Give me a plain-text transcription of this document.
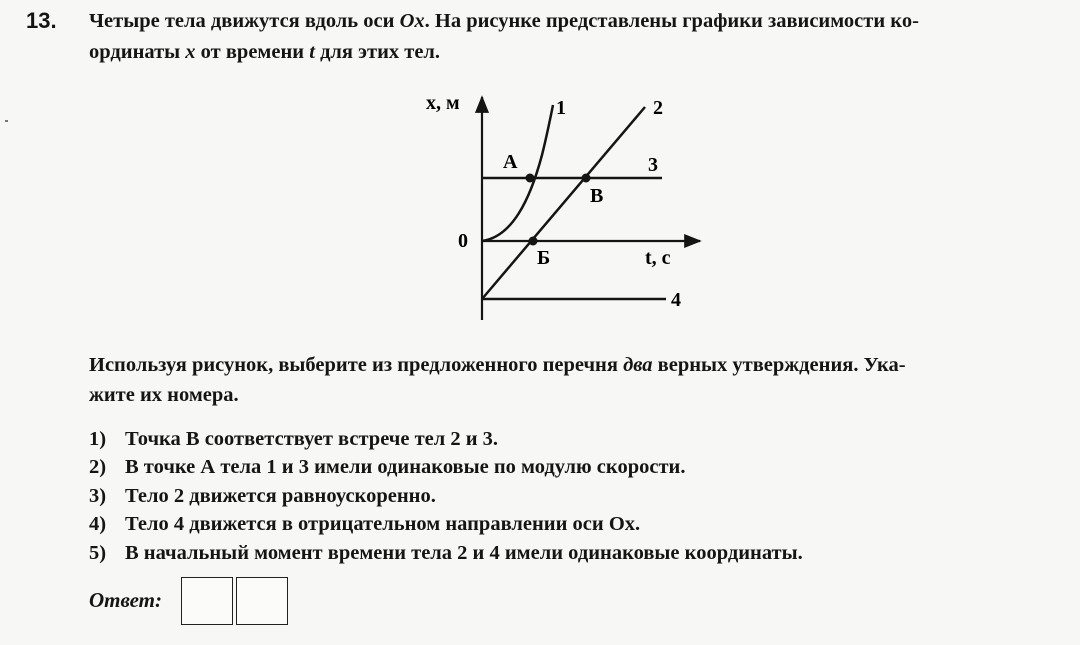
13. Четыре тела движутся вдоль оси Ox. На рисунке представлены графики зависимости ко-
ординаты x от времени t для этих тел.
x, м
t, с
0
А
В
Б
1	2
3
4
Используя рисунок, выберите из предложенного перечня два верных утверждения. Ука-
жите их номера.
1) Точка В соответствует встрече тел 2 и 3.
2) В точке А тела 1 и 3 имели одинаковые по модулю скорости.
3) Тело 2 движется равноускоренно.
4) Тело 4 движется в отрицательном направлении оси Ox.
5) В начальный момент времени тела 2 и 4 имели одинаковые координаты.
Ответ:
